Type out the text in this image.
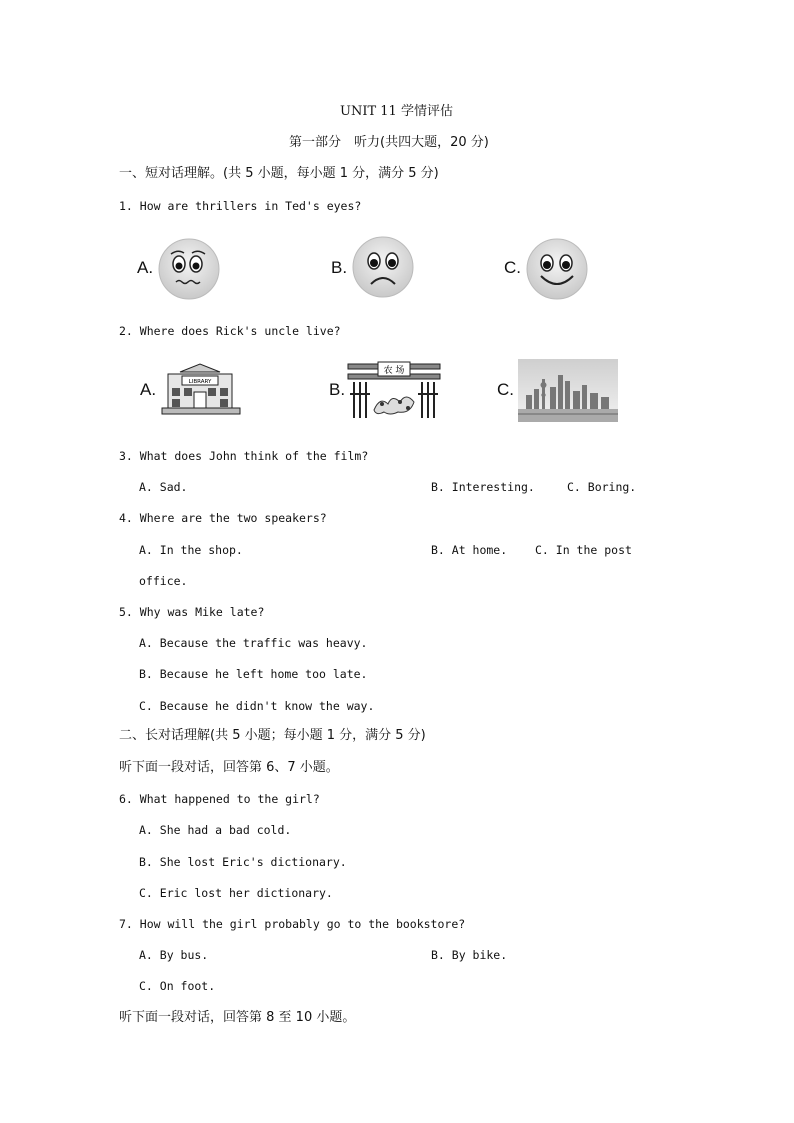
UNIT 11 学情评估
第一部分　听力(共四大题，20 分)
一、短对话理解。(共 5 小题，每小题 1 分，满分 5 分)
1. How are thrillers in Ted's eyes?
A.	B.	C.
2. Where does Rick's uncle live?
A.	LIBRARY	B.
农 场
C.
3. What does John think of the film?
A. Sad.	B. Interesting.	C. Boring.
4. Where are the two speakers?
A. In the shop.	B. At home. C. In the post
office.
5. Why was Mike late?
A. Because the traffic was heavy.
B. Because he left home too late.
C. Because he didn't know the way.
二、长对话理解(共 5 小题；每小题 1 分，满分 5 分)
听下面一段对话，回答第 6、7 小题。
6. What happened to the girl?
A. She had a bad cold.
B. She lost Eric's dictionary.
C. Eric lost her dictionary.
7. How will the girl probably go to the bookstore?
A. By bus.	B. By bike.
C. On foot.
听下面一段对话，回答第 8 至 10 小题。
